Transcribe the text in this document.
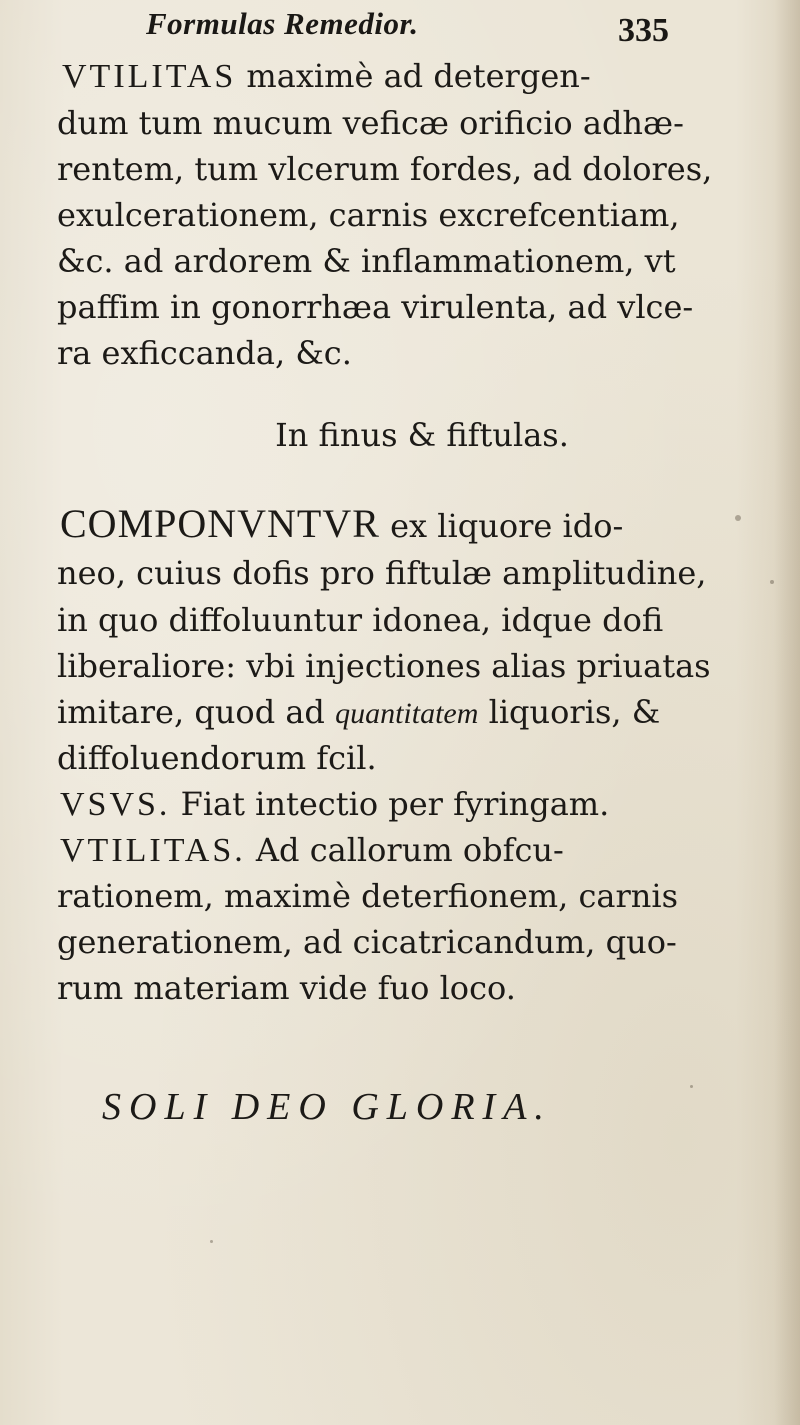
Formulas Remedior.	335
VTILITAS maximè ad detergen-
dum tum mucum veficæ orificio adhæ-
rentem, tum vlcerum fordes, ad dolores,
exulcerationem, carnis excrefcentiam,
&c. ad ardorem & inflammationem, vt
paffim in gonorrhæa virulenta, ad vlce-
ra exficcanda, &c.
In finus & fiftulas.
COMPONVNTVR ex liquore ido-
neo, cuius dofis pro fiftulæ amplitudine,
in quo diffoluuntur idonea, idque dofi
liberaliore: vbi injectiones alias priuatas
imitare, quod ad quantitatem liquoris, &
diffoluendorum fcil.
VSVS. Fiat intectio per fyringam.
VTILITAS. Ad callorum obfcu-
rationem, maximè deterfionem, carnis
generationem, ad cicatricandum, quo-
rum materiam vide fuo loco.
SOLI DEO GLORIA.
